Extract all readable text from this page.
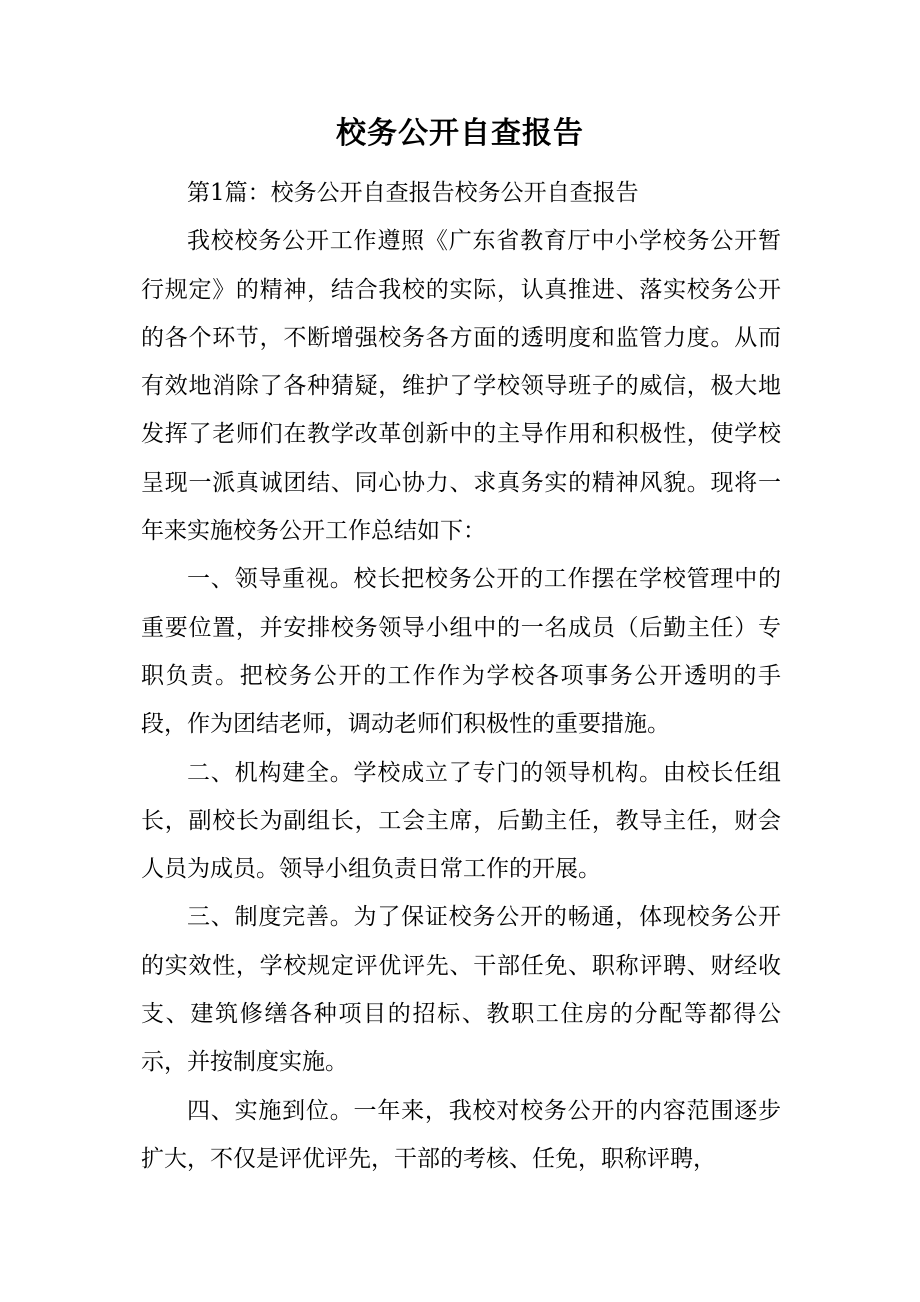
校务公开自查报告

第1篇：校务公开自查报告校务公开自查报告

我校校务公开工作遵照《广东省教育厅中小学校务公开暂行规定》的精神，结合我校的实际，认真推进、落实校务公开的各个环节，不断增强校务各方面的透明度和监管力度。从而有效地消除了各种猜疑，维护了学校领导班子的威信，极大地发挥了老师们在教学改革创新中的主导作用和积极性，使学校呈现一派真诚团结、同心协力、求真务实的精神风貌。现将一年来实施校务公开工作总结如下：

一、领导重视。校长把校务公开的工作摆在学校管理中的重要位置，并安排校务领导小组中的一名成员（后勤主任）专职负责。把校务公开的工作作为学校各项事务公开透明的手段，作为团结老师，调动老师们积极性的重要措施。

二、机构建全。学校成立了专门的领导机构。由校长任组长，副校长为副组长，工会主席，后勤主任，教导主任，财会人员为成员。领导小组负责日常工作的开展。

三、制度完善。为了保证校务公开的畅通，体现校务公开的实效性，学校规定评优评先、干部任免、职称评聘、财经收支、建筑修缮各种项目的招标、教职工住房的分配等都得公示，并按制度实施。

四、实施到位。一年来，我校对校务公开的内容范围逐步扩大，不仅是评优评先，干部的考核、任免，职称评聘，
